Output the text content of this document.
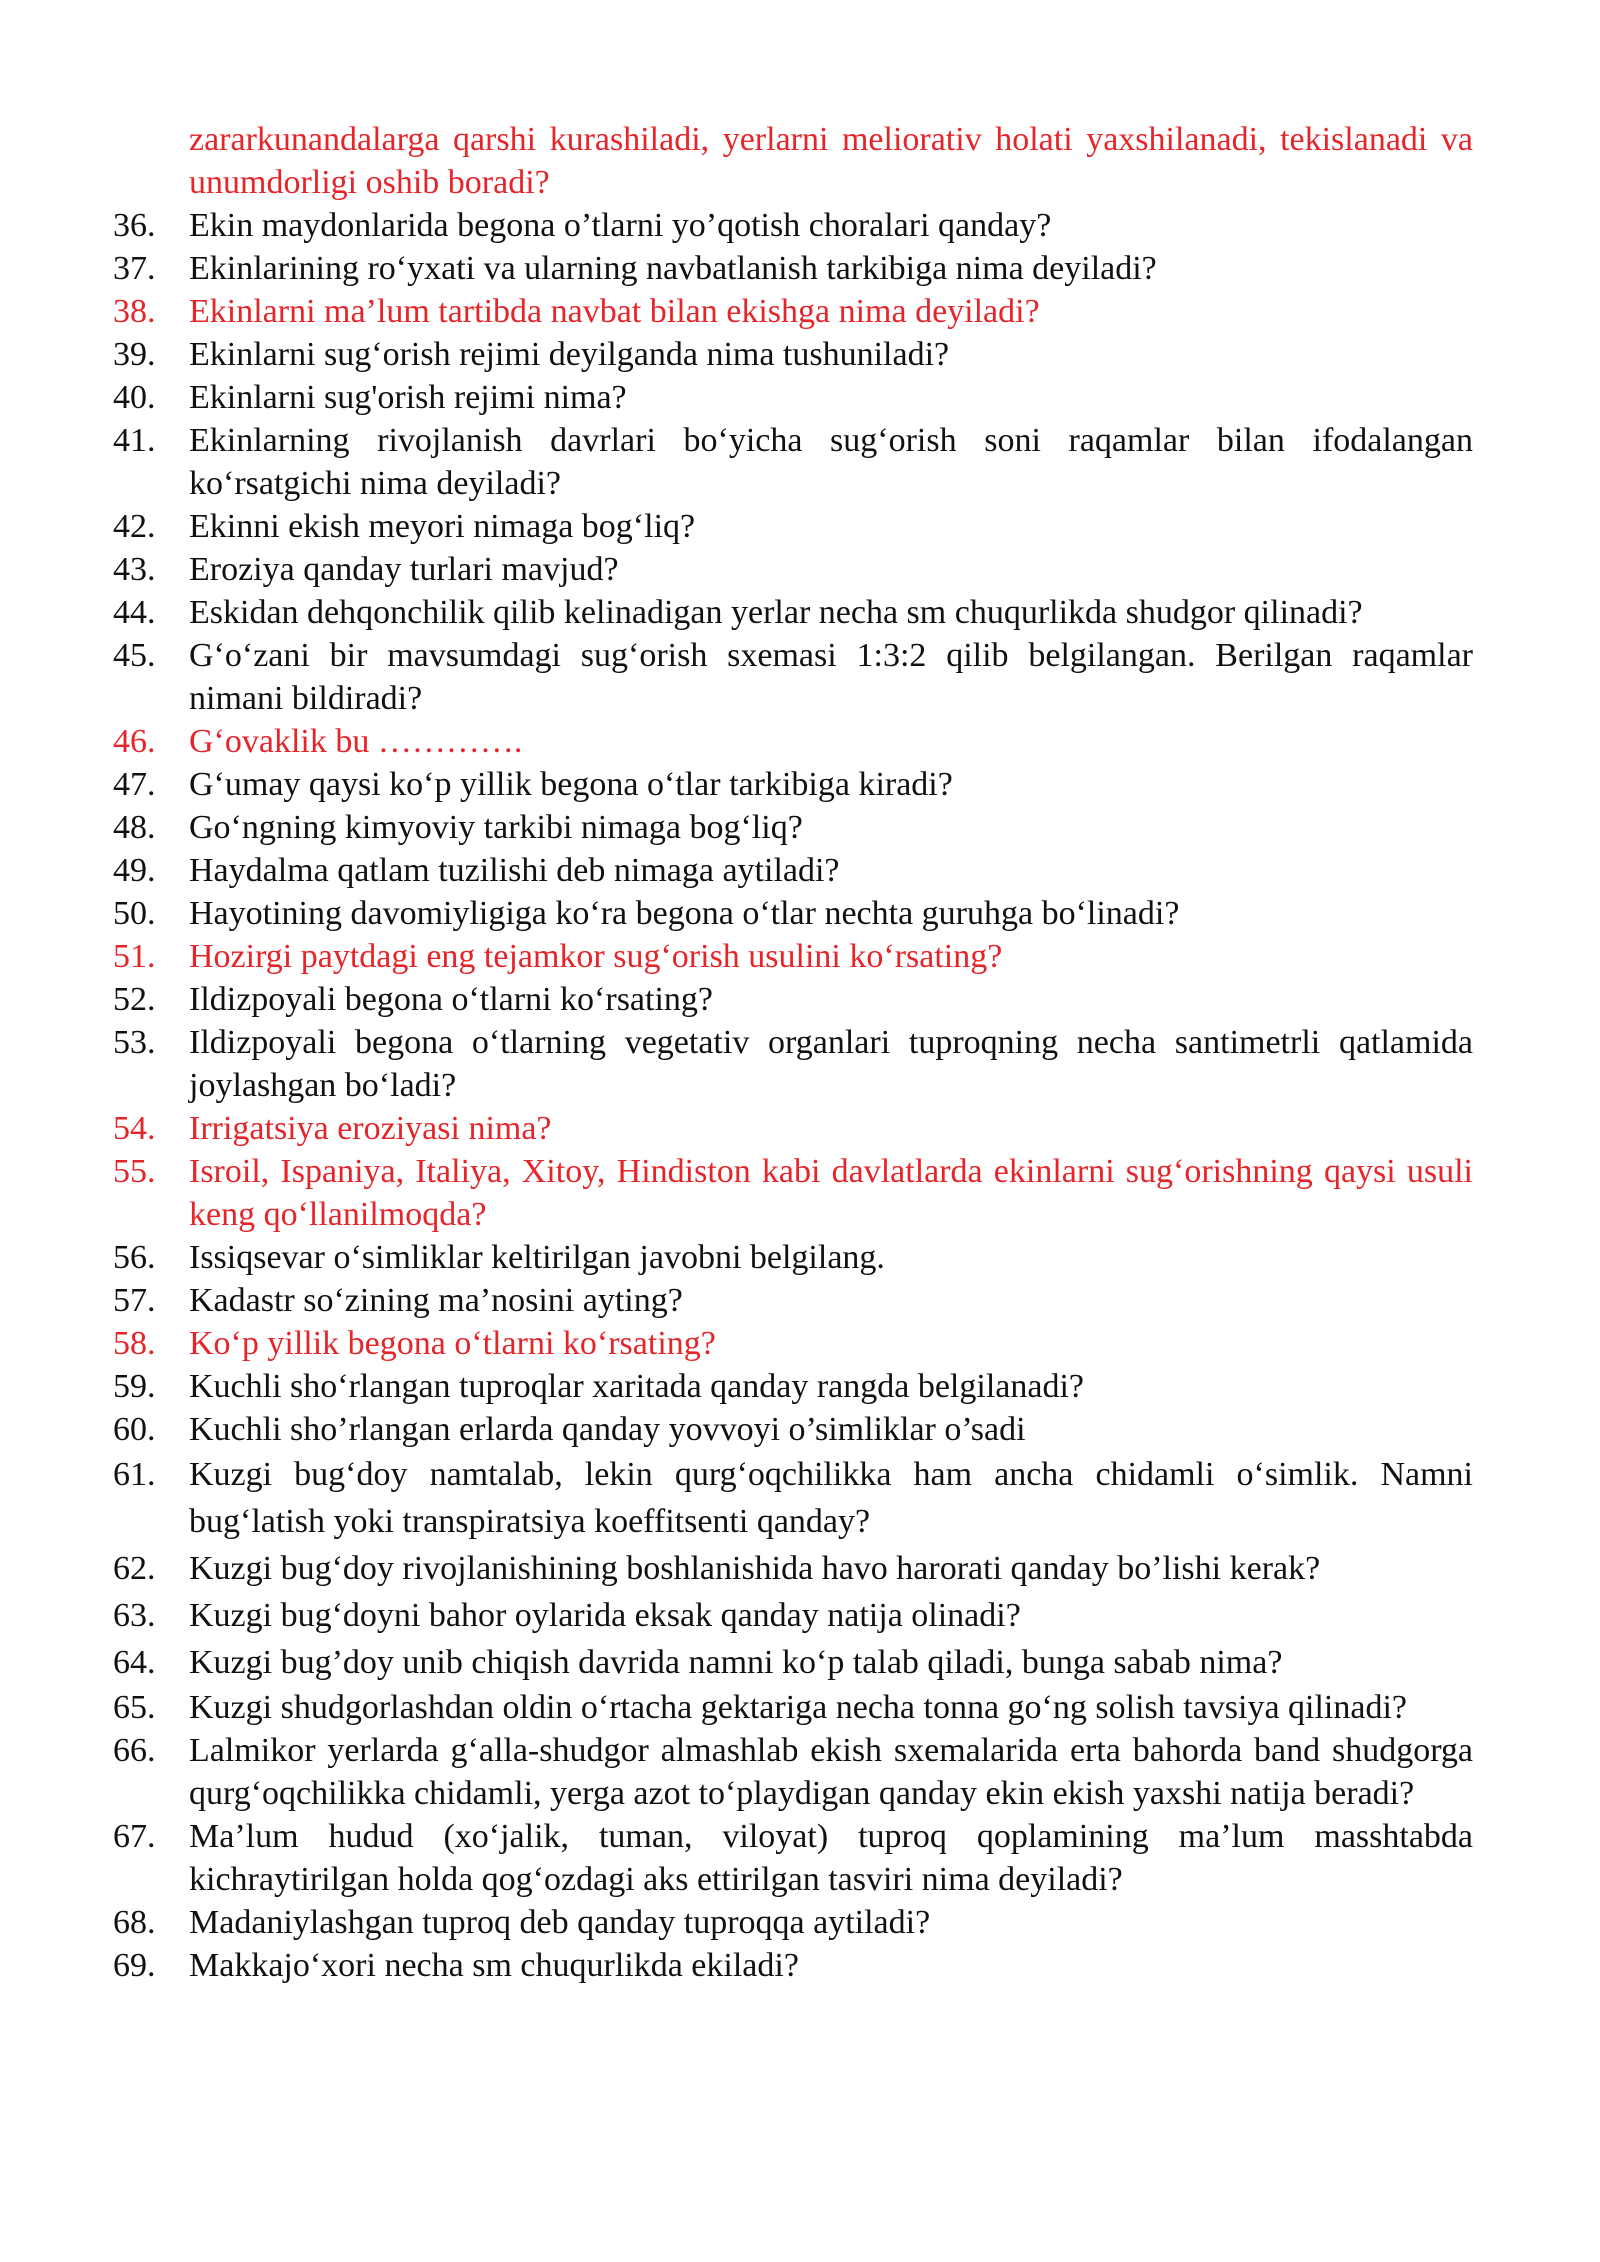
zararkunandalarga qarshi kurashiladi, yerlarni meliorativ holati yaxshilanadi, tekislanadi va unumdorligi oshib boradi?

36. Ekin maydonlarida begona o’tlarni yo’qotish choralari qanday?

37. Ekinlarining ro‘yxati va ularning navbatlanish tarkibiga nima deyiladi?

38. Ekinlarni ma’lum tartibda navbat bilan ekishga nima deyiladi?

39. Ekinlarni sug‘orish rejimi deyilganda nima tushuniladi?

40. Ekinlarni sug'orish rejimi nima?

41. Ekinlarning rivojlanish davrlari bo‘yicha sug‘orish soni raqamlar bilan ifodalangan ko‘rsatgichi nima deyiladi?

42. Ekinni ekish meyori nimaga bog‘liq?

43. Eroziya qanday turlari mavjud?

44. Eskidan dehqonchilik qilib kelinadigan yerlar necha sm chuqurlikda shudgor qilinadi?

45. G‘o‘zani bir mavsumdagi sug‘orish sxemasi 1:3:2 qilib belgilangan. Berilgan raqamlar nimani bildiradi?

46. G‘ovaklik bu ………….

47. G‘umay qaysi ko‘p yillik begona o‘tlar tarkibiga kiradi?

48. Go‘ngning kimyoviy tarkibi nimaga bog‘liq?

49. Haydalma qatlam tuzilishi deb nimaga aytiladi?

50. Hayotining davomiyligiga ko‘ra begona o‘tlar nechta guruhga bo‘linadi?

51. Hozirgi paytdagi eng tejamkor sug‘orish usulini ko‘rsating?

52. Ildizpoyali begona o‘tlarni ko‘rsating?

53. Ildizpoyali begona o‘tlarning vegetativ organlari tuproqning necha santimetrli qatlamida joylashgan bo‘ladi?

54. Irrigatsiya eroziyasi nima?

55. Isroil, Ispaniya, Italiya, Xitoy, Hindiston kabi davlatlarda ekinlarni sug‘orishning qaysi usuli keng qo‘llanilmoqda?

56. Issiqsevar o‘simliklar keltirilgan javobni belgilang.

57. Kadastr so‘zining ma’nosini ayting?

58. Ko‘p yillik begona o‘tlarni ko‘rsating?

59. Kuchli sho‘rlangan tuproqlar xaritada qanday rangda belgilanadi?

60. Kuchli sho’rlangan erlarda qanday yovvoyi o’simliklar o’sadi

61. Kuzgi bug‘doy namtalab, lekin qurg‘oqchilikka ham ancha chidamli o‘simlik. Namni bug‘latish yoki transpiratsiya koeffitsenti qanday?

62. Kuzgi bug‘doy rivojlanishining boshlanishida havo harorati qanday bo’lishi kerak?

63. Kuzgi bug‘doyni bahor oylarida eksak qanday natija olinadi?

64. Kuzgi bug’doy unib chiqish davrida namni ko‘p talab qiladi, bunga sabab nima?

65. Kuzgi shudgorlashdan oldin o‘rtacha gektariga necha tonna go‘ng solish tavsiya qilinadi?

66. Lalmikor yerlarda g‘alla-shudgor almashlab ekish sxemalarida erta bahorda band shudgorga qurg‘oqchilikka chidamli, yerga azot to‘playdigan qanday ekin ekish yaxshi natija beradi?

67. Ma’lum hudud (xo‘jalik, tuman, viloyat) tuproq qoplamining ma’lum masshtabda kichraytirilgan holda qog‘ozdagi aks ettirilgan tasviri nima deyiladi?

68. Madaniylashgan tuproq deb qanday tuproqqa aytiladi?

69. Makkajo‘xori necha sm chuqurlikda ekiladi?
